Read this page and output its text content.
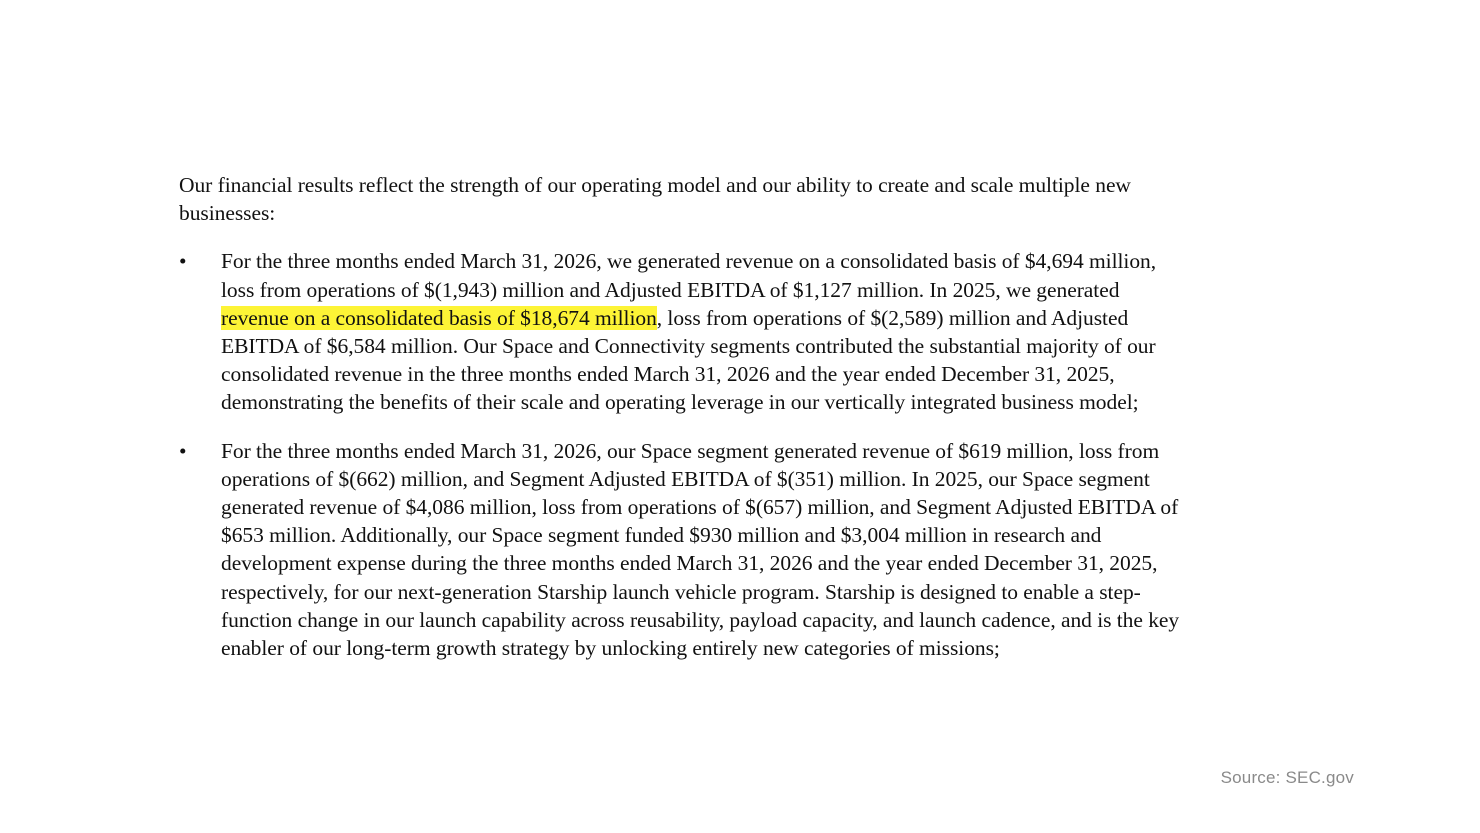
Our financial results reflect the strength of our operating model and our ability to create and scale multiple new
businesses:
• For the three months ended March 31, 2026, we generated revenue on a consolidated basis of $4,694 million,
loss from operations of $(1,943) million and Adjusted EBITDA of $1,127 million. In 2025, we generated
revenue on a consolidated basis of $18,674 million, loss from operations of $(2,589) million and Adjusted
EBITDA of $6,584 million. Our Space and Connectivity segments contributed the substantial majority of our
consolidated revenue in the three months ended March 31, 2026 and the year ended December 31, 2025,
demonstrating the benefits of their scale and operating leverage in our vertically integrated business model;
• For the three months ended March 31, 2026, our Space segment generated revenue of $619 million, loss from
operations of $(662) million, and Segment Adjusted EBITDA of $(351) million. In 2025, our Space segment
generated revenue of $4,086 million, loss from operations of $(657) million, and Segment Adjusted EBITDA of
$653 million. Additionally, our Space segment funded $930 million and $3,004 million in research and
development expense during the three months ended March 31, 2026 and the year ended December 31, 2025,
respectively, for our next-generation Starship launch vehicle program. Starship is designed to enable a step-
function change in our launch capability across reusability, payload capacity, and launch cadence, and is the key
enabler of our long-term growth strategy by unlocking entirely new categories of missions;
Source: SEC.gov
